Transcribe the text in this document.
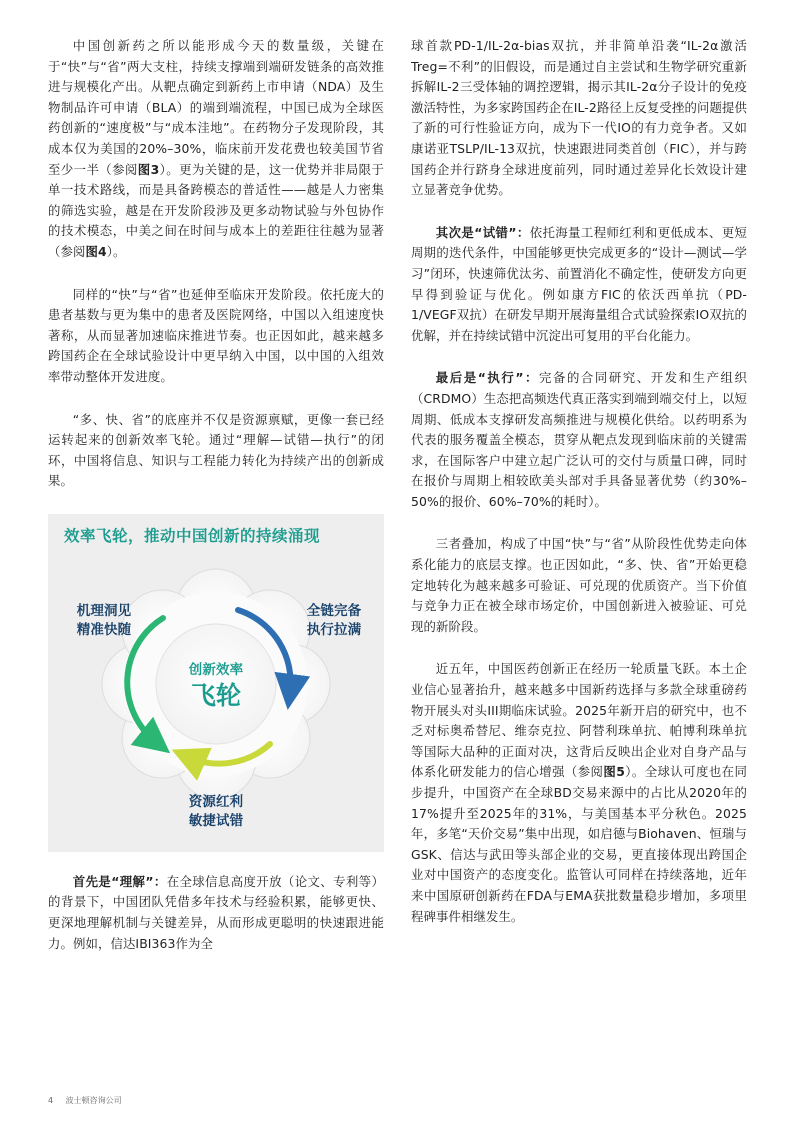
中国创新药之所以能形成今天的数量级，关键在于“快”与“省”两大支柱，持续支撑端到端研发链条的高效推进与规模化产出。从靶点确定到新药上市申请（NDA）及生物制品许可申请（BLA）的端到端流程，中国已成为全球医药创新的“速度极”与“成本洼地”。在药物分子发现阶段，其成本仅为美国的20%–30%，临床前开发花费也较美国节省至少一半（参阅图3）。更为关键的是，这一优势并非局限于单一技术路线，而是具备跨模态的普适性——越是人力密集的筛选实验，越是在开发阶段涉及更多动物试验与外包协作的技术模态，中美之间在时间与成本上的差距往往越为显著（参阅图4）。

同样的“快”与“省”也延伸至临床开发阶段。依托庞大的患者基数与更为集中的患者及医院网络，中国以入组速度快著称，从而显著加速临床推进节奏。也正因如此，越来越多跨国药企在全球试验设计中更早纳入中国，以中国的入组效率带动整体开发进度。

“多、快、省”的底座并不仅是资源禀赋，更像一套已经运转起来的创新效率飞轮。通过“理解—试错—执行”的闭环，中国将信息、知识与工程能力转化为持续产出的创新成果。

效率飞轮，推动中国创新的持续涌现
机理洞见
精准快随
全链完备
执行拉满
资源红利
敏捷试错
创新效率
飞轮

首先是“理解”：在全球信息高度开放（论文、专利等）的背景下，中国团队凭借多年技术与经验积累，能够更快、更深地理解机制与关键差异，从而形成更聪明的快速跟进能力。例如，信达IBI363作为全

球首款PD-1/IL-2α-bias双抗，并非简单沿袭“IL-2α激活Treg=不利”的旧假设，而是通过自主尝试和生物学研究重新拆解IL-2三受体轴的调控逻辑，揭示其IL-2α分子设计的免疫激活特性，为多家跨国药企在IL-2路径上反复受挫的问题提供了新的可行性验证方向，成为下一代IO的有力竞争者。又如康诺亚TSLP/IL-13双抗，快速跟进同类首创（FIC），并与跨国药企并行跻身全球进度前列，同时通过差异化长效设计建立显著竞争优势。

其次是“试错”：依托海量工程师红利和更低成本、更短周期的迭代条件，中国能够更快完成更多的“设计—测试—学习”闭环，快速筛优汰劣、前置消化不确定性，使研发方向更早得到验证与优化。例如康方FIC的依沃西单抗（PD-1/VEGF双抗）在研发早期开展海量组合式试验探索IO双抗的优解，并在持续试错中沉淀出可复用的平台化能力。

最后是“执行”：完备的合同研究、开发和生产组织（CRDMO）生态把高频迭代真正落实到端到端交付上，以短周期、低成本支撑研发高频推进与规模化供给。以药明系为代表的服务覆盖全模态，贯穿从靶点发现到临床前的关键需求，在国际客户中建立起广泛认可的交付与质量口碑，同时在报价与周期上相较欧美头部对手具备显著优势（约30%–50%的报价、60%–70%的耗时）。

三者叠加，构成了中国“快”与“省”从阶段性优势走向体系化能力的底层支撑。也正因如此，“多、快、省”开始更稳定地转化为越来越多可验证、可兑现的优质资产。当下价值与竞争力正在被全球市场定价，中国创新进入被验证、可兑现的新阶段。

近五年，中国医药创新正在经历一轮质量飞跃。本土企业信心显著抬升，越来越多中国新药选择与多款全球重磅药物开展头对头III期临床试验。2025年新开启的研究中，也不乏对标奥希替尼、维奈克拉、阿替利珠单抗、帕博利珠单抗等国际大品种的正面对决，这背后反映出企业对自身产品与体系化研发能力的信心增强（参阅图5）。全球认可度也在同步提升，中国资产在全球BD交易来源中的占比从2020年的17%提升至2025年的31%，与美国基本平分秋色。2025年，多笔“天价交易”集中出现，如启德与Biohaven、恒瑞与GSK、信达与武田等头部企业的交易，更直接体现出跨国企业对中国资产的态度变化。监管认可同样在持续落地，近年来中国原研创新药在FDA与EMA获批数量稳步增加，多项里程碑事件相继发生。

4 波士顿咨询公司
